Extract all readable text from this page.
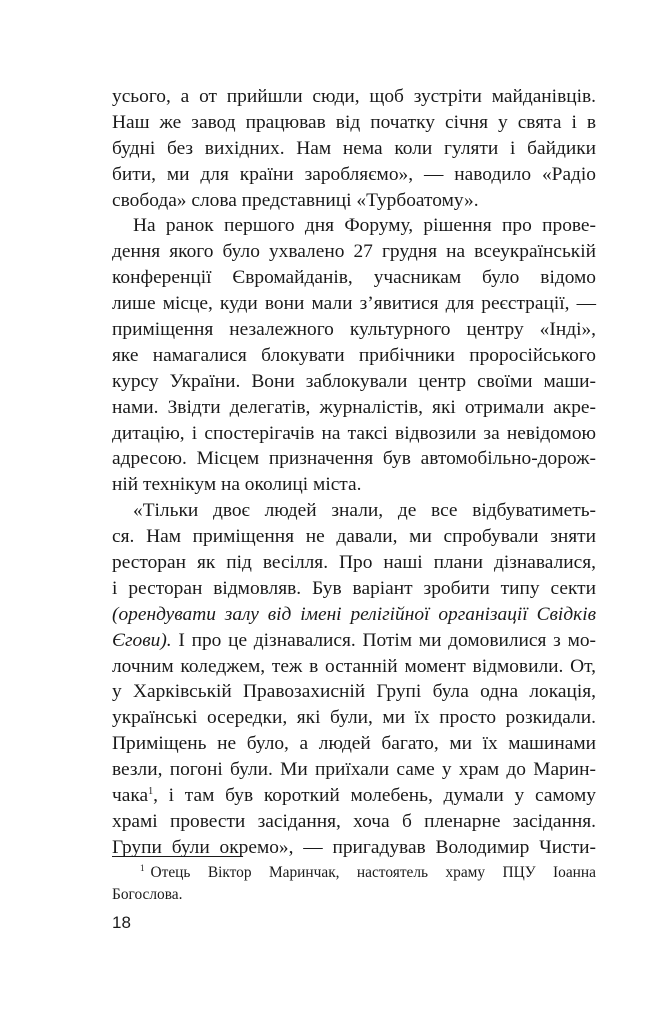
усього, а от прийшли сюди, щоб зустріти майданівців.
Наш же завод працював від початку січня у свята і в
будні без вихідних. Нам нема коли гуляти і байдики
бити, ми для країни заробляємо», — наводило «Радіо
свобода» слова представниці «Турбоатому».
На ранок першого дня Форуму, рішення про прове-
дення якого було ухвалено 27 грудня на всеукраїнській
конференції Євромайданів, учасникам було відомо
лише місце, куди вони мали з’явитися для реєстрації, —
приміщення незалежного культурного центру «Інді»,
яке намагалися блокувати прибічники проросійського
курсу України. Вони заблокували центр своїми маши-
нами. Звідти делегатів, журналістів, які отримали акре-
дитацію, і спостерігачів на таксі відвозили за невідомою
адресою. Місцем призначення був автомобільно-дорож-
ній технікум на околиці міста.
«Тільки двоє людей знали, де все відбуватиметь-
ся. Нам приміщення не давали, ми спробували зняти
ресторан як під весілля. Про наші плани дізнавалися,
і ресторан відмовляв. Був варіант зробити типу секти
(орендувати залу від імені релігійної організації Свідків
Єгови). І про це дізнавалися. Потім ми домовилися з мо-
лочним коледжем, теж в останній момент відмовили. От,
у Харківській Правозахисній Групі була одна локація,
українські осередки, які були, ми їх просто розкидали.
Приміщень не було, а людей багато, ми їх машинами
везли, погоні були. Ми приїхали саме у храм до Марин-
чака$^1$, і там був короткий молебень, думали у самому
храмі провести засідання, хоча б пленарне засідання.
Групи були окремо», — пригадував Володимир Чисти-
$^1$ Отець Віктор Маринчак, настоятель храму ПЦУ Іоанна
Богослова.
18
